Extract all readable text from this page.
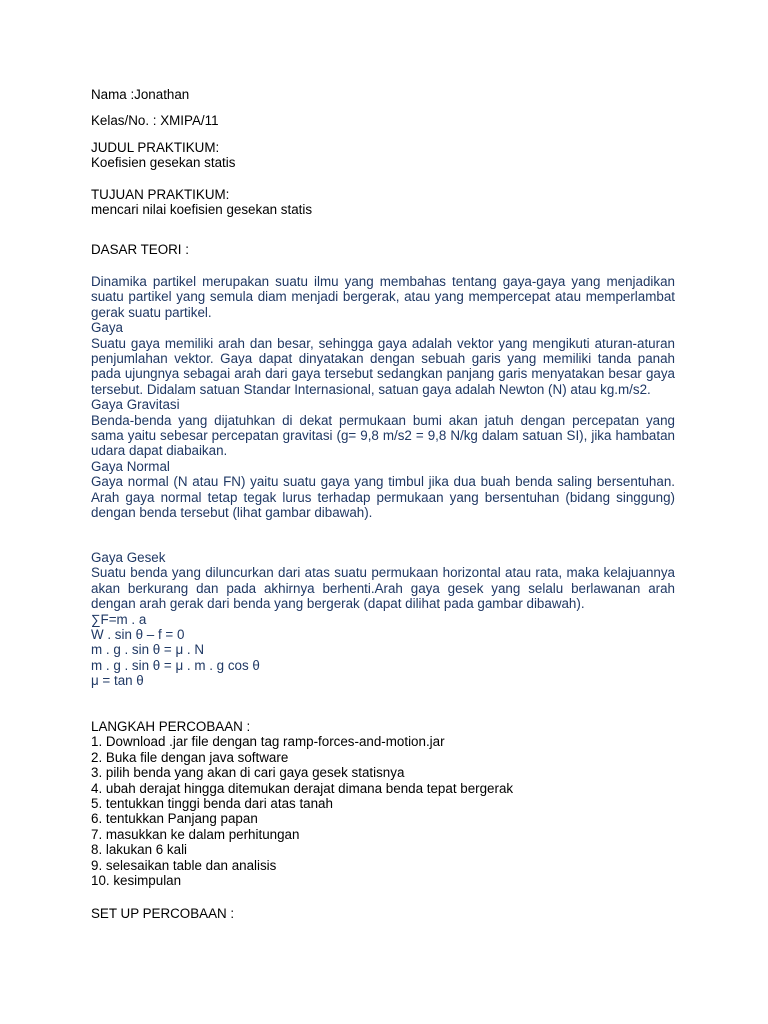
Nama :Jonathan

Kelas/No. : XMIPA/11

JUDUL PRAKTIKUM:

Koefisien gesekan statis

TUJUAN PRAKTIKUM:

mencari nilai koefisien gesekan statis

DASAR TEORI :

Dinamika partikel merupakan suatu ilmu yang membahas tentang gaya-gaya yang menjadikan suatu partikel yang semula diam menjadi bergerak, atau yang mempercepat atau memperlambat gerak suatu partikel.

Gaya

Suatu gaya memiliki arah dan besar, sehingga gaya adalah vektor yang mengikuti aturan-aturan penjumlahan vektor. Gaya dapat dinyatakan dengan sebuah garis yang memiliki tanda panah pada ujungnya sebagai arah dari gaya tersebut sedangkan panjang garis menyatakan besar gaya tersebut. Didalam satuan Standar Internasional, satuan gaya adalah Newton (N) atau kg.m/s2.

Gaya Gravitasi

Benda-benda yang dijatuhkan di dekat permukaan bumi akan jatuh dengan percepatan yang sama yaitu sebesar percepatan gravitasi (g= 9,8 m/s2 = 9,8 N/kg dalam satuan SI), jika hambatan udara dapat diabaikan.

Gaya Normal

Gaya normal (N atau FN) yaitu suatu gaya yang timbul jika dua buah benda saling bersentuhan. Arah gaya normal tetap tegak lurus terhadap permukaan yang bersentuhan (bidang singgung) dengan benda tersebut (lihat gambar dibawah).

Gaya Gesek

Suatu benda yang diluncurkan dari atas suatu permukaan horizontal atau rata, maka kelajuannya akan berkurang dan pada akhirnya berhenti.Arah gaya gesek yang selalu berlawanan arah dengan arah gerak dari benda yang bergerak (dapat dilihat pada gambar dibawah).

∑F=m . a

W . sin θ – f = 0

m . g . sin θ = μ . N

m . g . sin θ = μ . m . g cos θ

μ = tan θ

LANGKAH PERCOBAAN :

1. Download .jar file dengan tag ramp-forces-and-motion.jar

2. Buka file dengan java software

3. pilih benda yang akan di cari gaya gesek statisnya

4. ubah derajat hingga ditemukan derajat dimana benda tepat bergerak

5. tentukkan tinggi benda dari atas tanah

6. tentukkan Panjang papan

7. masukkan ke dalam perhitungan

8. lakukan 6 kali

9. selesaikan table dan analisis

10. kesimpulan

SET UP PERCOBAAN :
